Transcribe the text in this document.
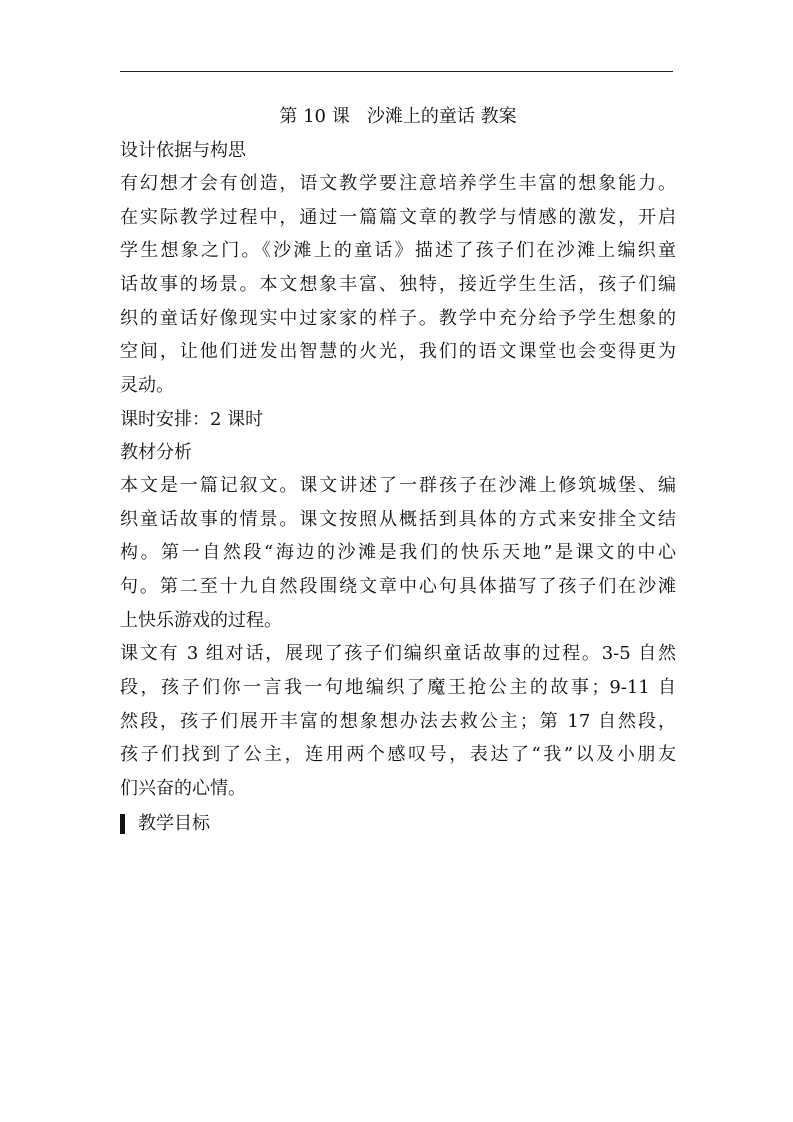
第 10 课   沙滩上的童话 教案

设计依据与构思

有幻想才会有创造，语文教学要注意培养学生丰富的想象能力。
在实际教学过程中，通过一篇篇文章的教学与情感的激发，开启
学生想象之门。《沙滩上的童话》描述了孩子们在沙滩上编织童
话故事的场景。本文想象丰富、独特，接近学生生活，孩子们编
织的童话好像现实中过家家的样子。教学中充分给予学生想象的
空间，让他们迸发出智慧的火光，我们的语文课堂也会变得更为
灵动。

课时安排：2 课时

教材分析

本文是一篇记叙文。课文讲述了一群孩子在沙滩上修筑城堡、编
织童话故事的情景。课文按照从概括到具体的方式来安排全文结
构。第一自然段“海边的沙滩是我们的快乐天地”是课文的中心
句。第二至十九自然段围绕文章中心句具体描写了孩子们在沙滩
上快乐游戏的过程。

课文有 3 组对话，展现了孩子们编织童话故事的过程。3-5 自然
段，孩子们你一言我一句地编织了魔王抢公主的故事；9-11 自
然段，孩子们展开丰富的想象想办法去救公主；第 17 自然段，
孩子们找到了公主，连用两个感叹号，表达了“我”以及小朋友
们兴奋的心情。

教学目标
